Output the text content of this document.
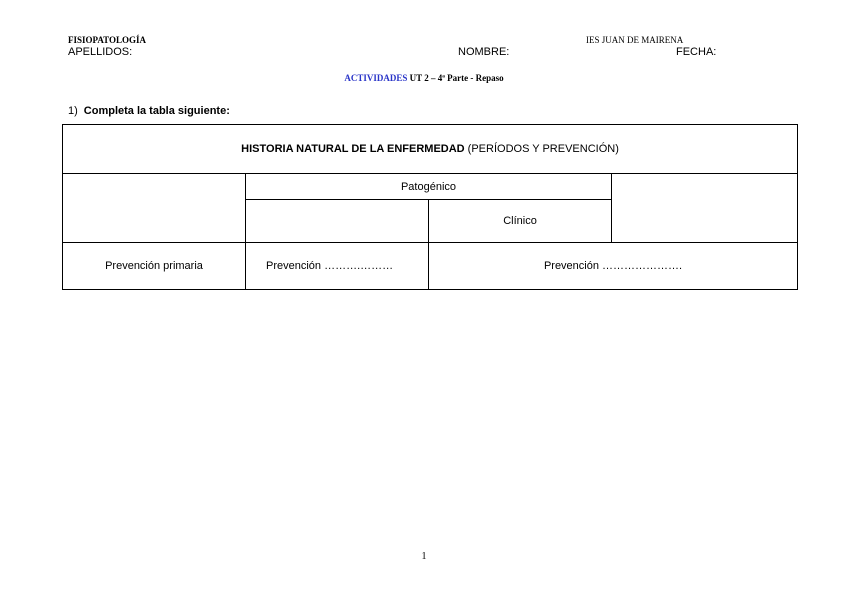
FISIOPATOLOGÍA	IES JUAN DE MAIRENA
APELLIDOS:	NOMBRE:	FECHA:
ACTIVIDADES UT 2 – 4ª Parte - Repaso
1) Completa la tabla siguiente:
HISTORIA NATURAL DE LA ENFERMEDAD (PERÍODOS Y PREVENCIÓN)			
	Patogénico		
		Clínico	
Prevención primaria	Prevención ……….………	Prevención ………………….	
1
